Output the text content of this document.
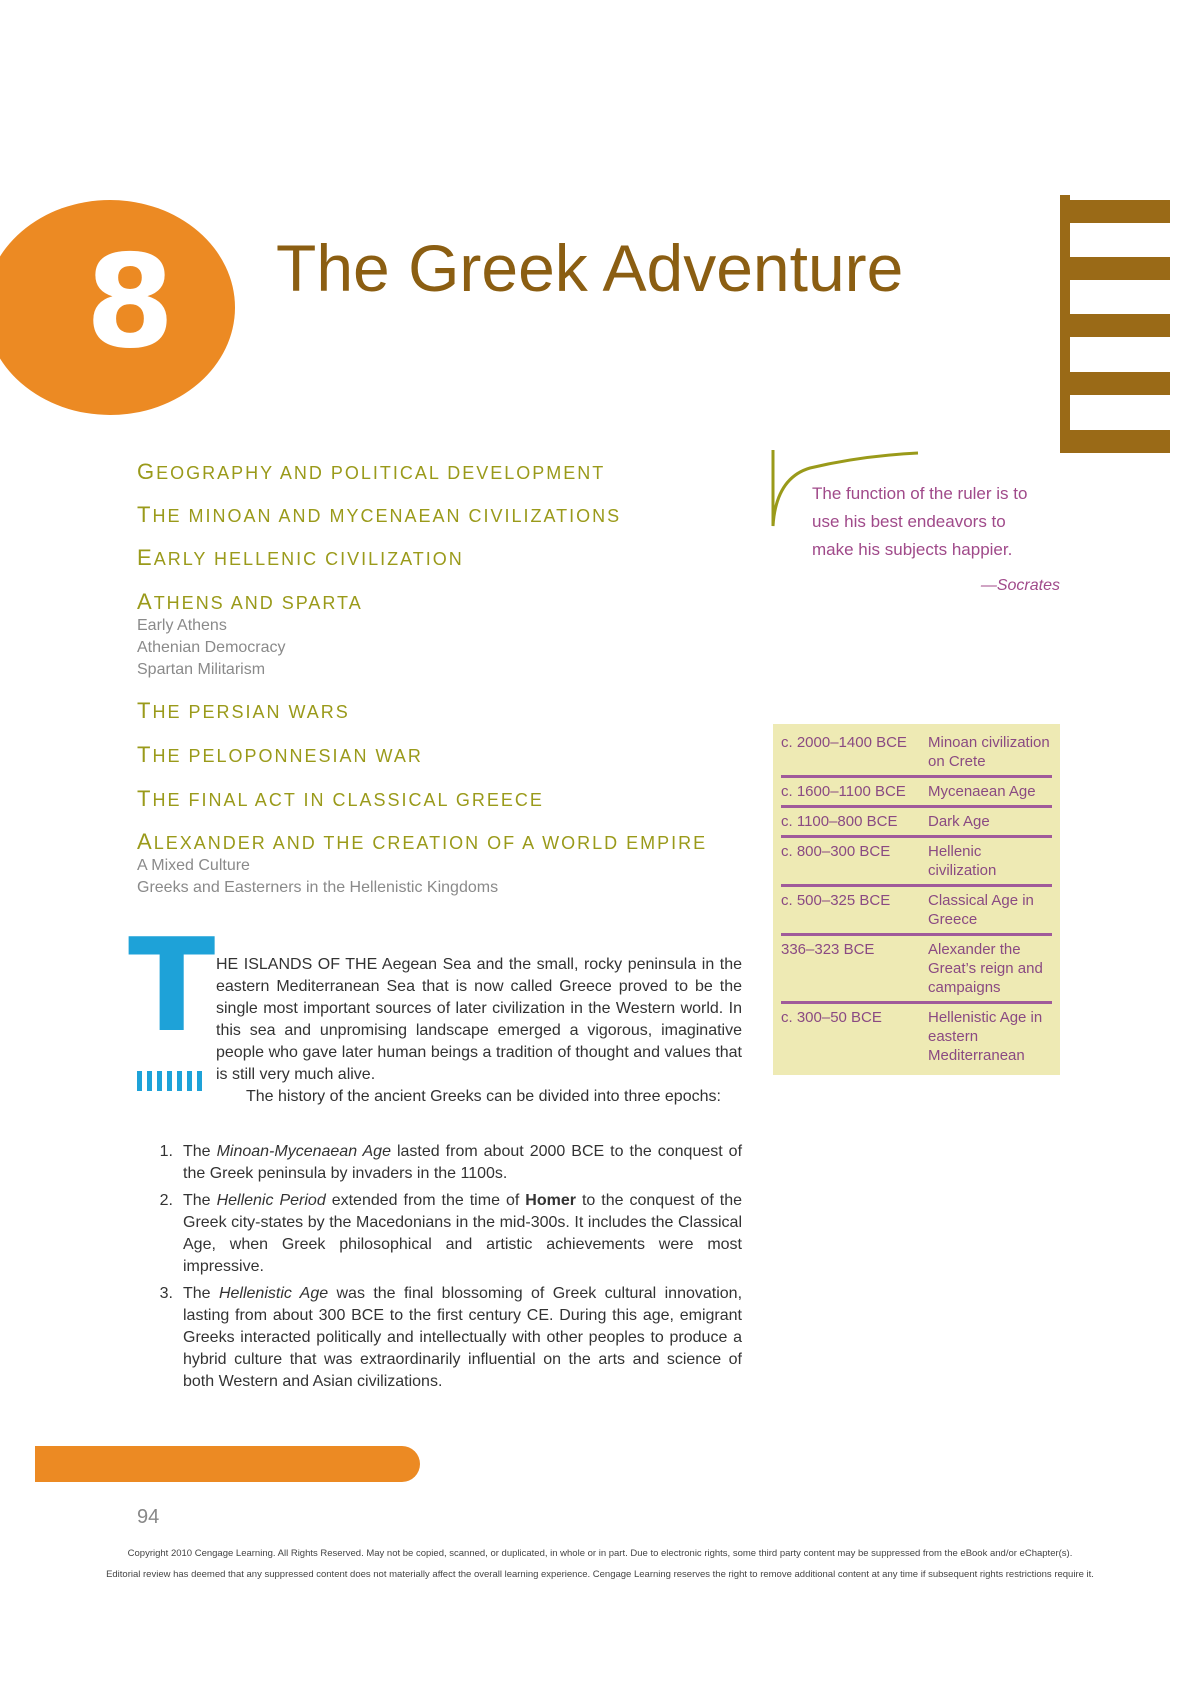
8 The Greek Adventure
GEOGRAPHY AND POLITICAL DEVELOPMENT
THE MINOAN AND MYCENAEAN CIVILIZATIONS
EARLY HELLENIC CIVILIZATION
ATHENS AND SPARTA
Early Athens
Athenian Democracy
Spartan Militarism
THE PERSIAN WARS
THE PELOPONNESIAN WAR
THE FINAL ACT IN CLASSICAL GREECE
ALEXANDER AND THE CREATION OF A WORLD EMPIRE
A Mixed Culture
Greeks and Easterners in the Hellenistic Kingdoms
The function of the ruler is to use his best endeavors to make his subjects happier.
—Socrates
c. 2000–1400 BCE	Minoan civilization on Crete
c. 1600–1100 BCE	Mycenaean Age
c. 1100–800 BCE	Dark Age
c. 800–300 BCE	Hellenic civilization
c. 500–325 BCE	Classical Age in Greece
336–323 BCE	Alexander the Great’s reign and campaigns
c. 300–50 BCE	Hellenistic Age in eastern Mediterranean
T HE ISLANDS OF THE Aegean Sea and the small, rocky peninsula in the eastern Mediterranean Sea that is now called Greece proved to be the single most important sources of later civilization in the Western world. In this sea and unpromising landscape emerged a vigorous, imaginative people who gave later human beings a tradition of thought and values that is still very much alive.

The history of the ancient Greeks can be divided into three epochs:

1. The Minoan-Mycenaean Age lasted from about 2000 BCE to the conquest of the Greek peninsula by invaders in the 1100s.
2. The Hellenic Period extended from the time of Homer to the conquest of the Greek city-states by the Macedonians in the mid-300s. It includes the Classical Age, when Greek philosophical and artistic achievements were most impressive.
3. The Hellenistic Age was the final blossoming of Greek cultural innovation, lasting from about 300 BCE to the first century CE. During this age, emigrant Greeks interacted politically and intellectually with other peoples to produce a hybrid culture that was extraordinarily influential on the arts and science of both Western and Asian civilizations.
94
Copyright 2010 Cengage Learning. All Rights Reserved. May not be copied, scanned, or duplicated, in whole or in part. Due to electronic rights, some third party content may be suppressed from the eBook and/or eChapter(s).
Editorial review has deemed that any suppressed content does not materially affect the overall learning experience. Cengage Learning reserves the right to remove additional content at any time if subsequent rights restrictions require it.
